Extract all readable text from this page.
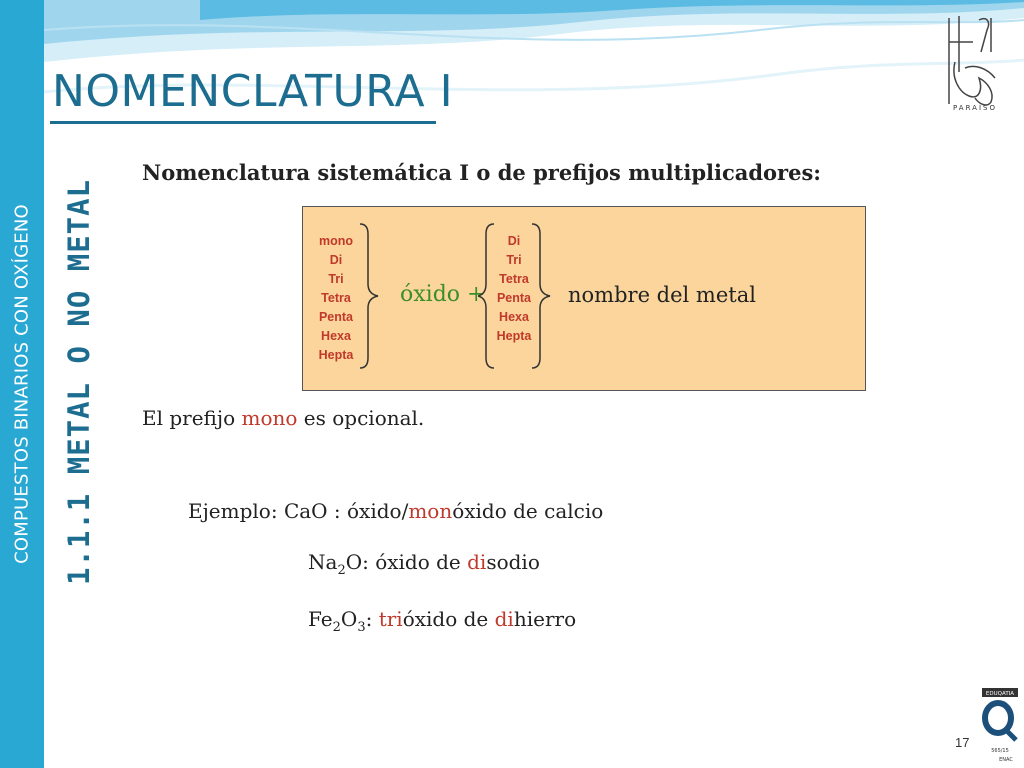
COMPUESTOS BINARIOS CON OXÍGENO
NOMENCLATURA I
1.1.1 METAL O NO METAL
PARAÍSO
Nomenclatura sistemática I o de prefijos multiplicadores:
mono
Di
Tri
Tetra
Penta
Hexa
Hepta
óxido +
Di
Tri
Tetra
Penta
Hexa
Hepta
nombre del metal
El prefijo mono es opcional.
Ejemplo: CaO : óxido/monóxido de calcio
$Na_2O$: óxido de disodio
$Fe_2O_3$: trióxido de dihierro
17
EDUQATIA
565/15
ENAC
